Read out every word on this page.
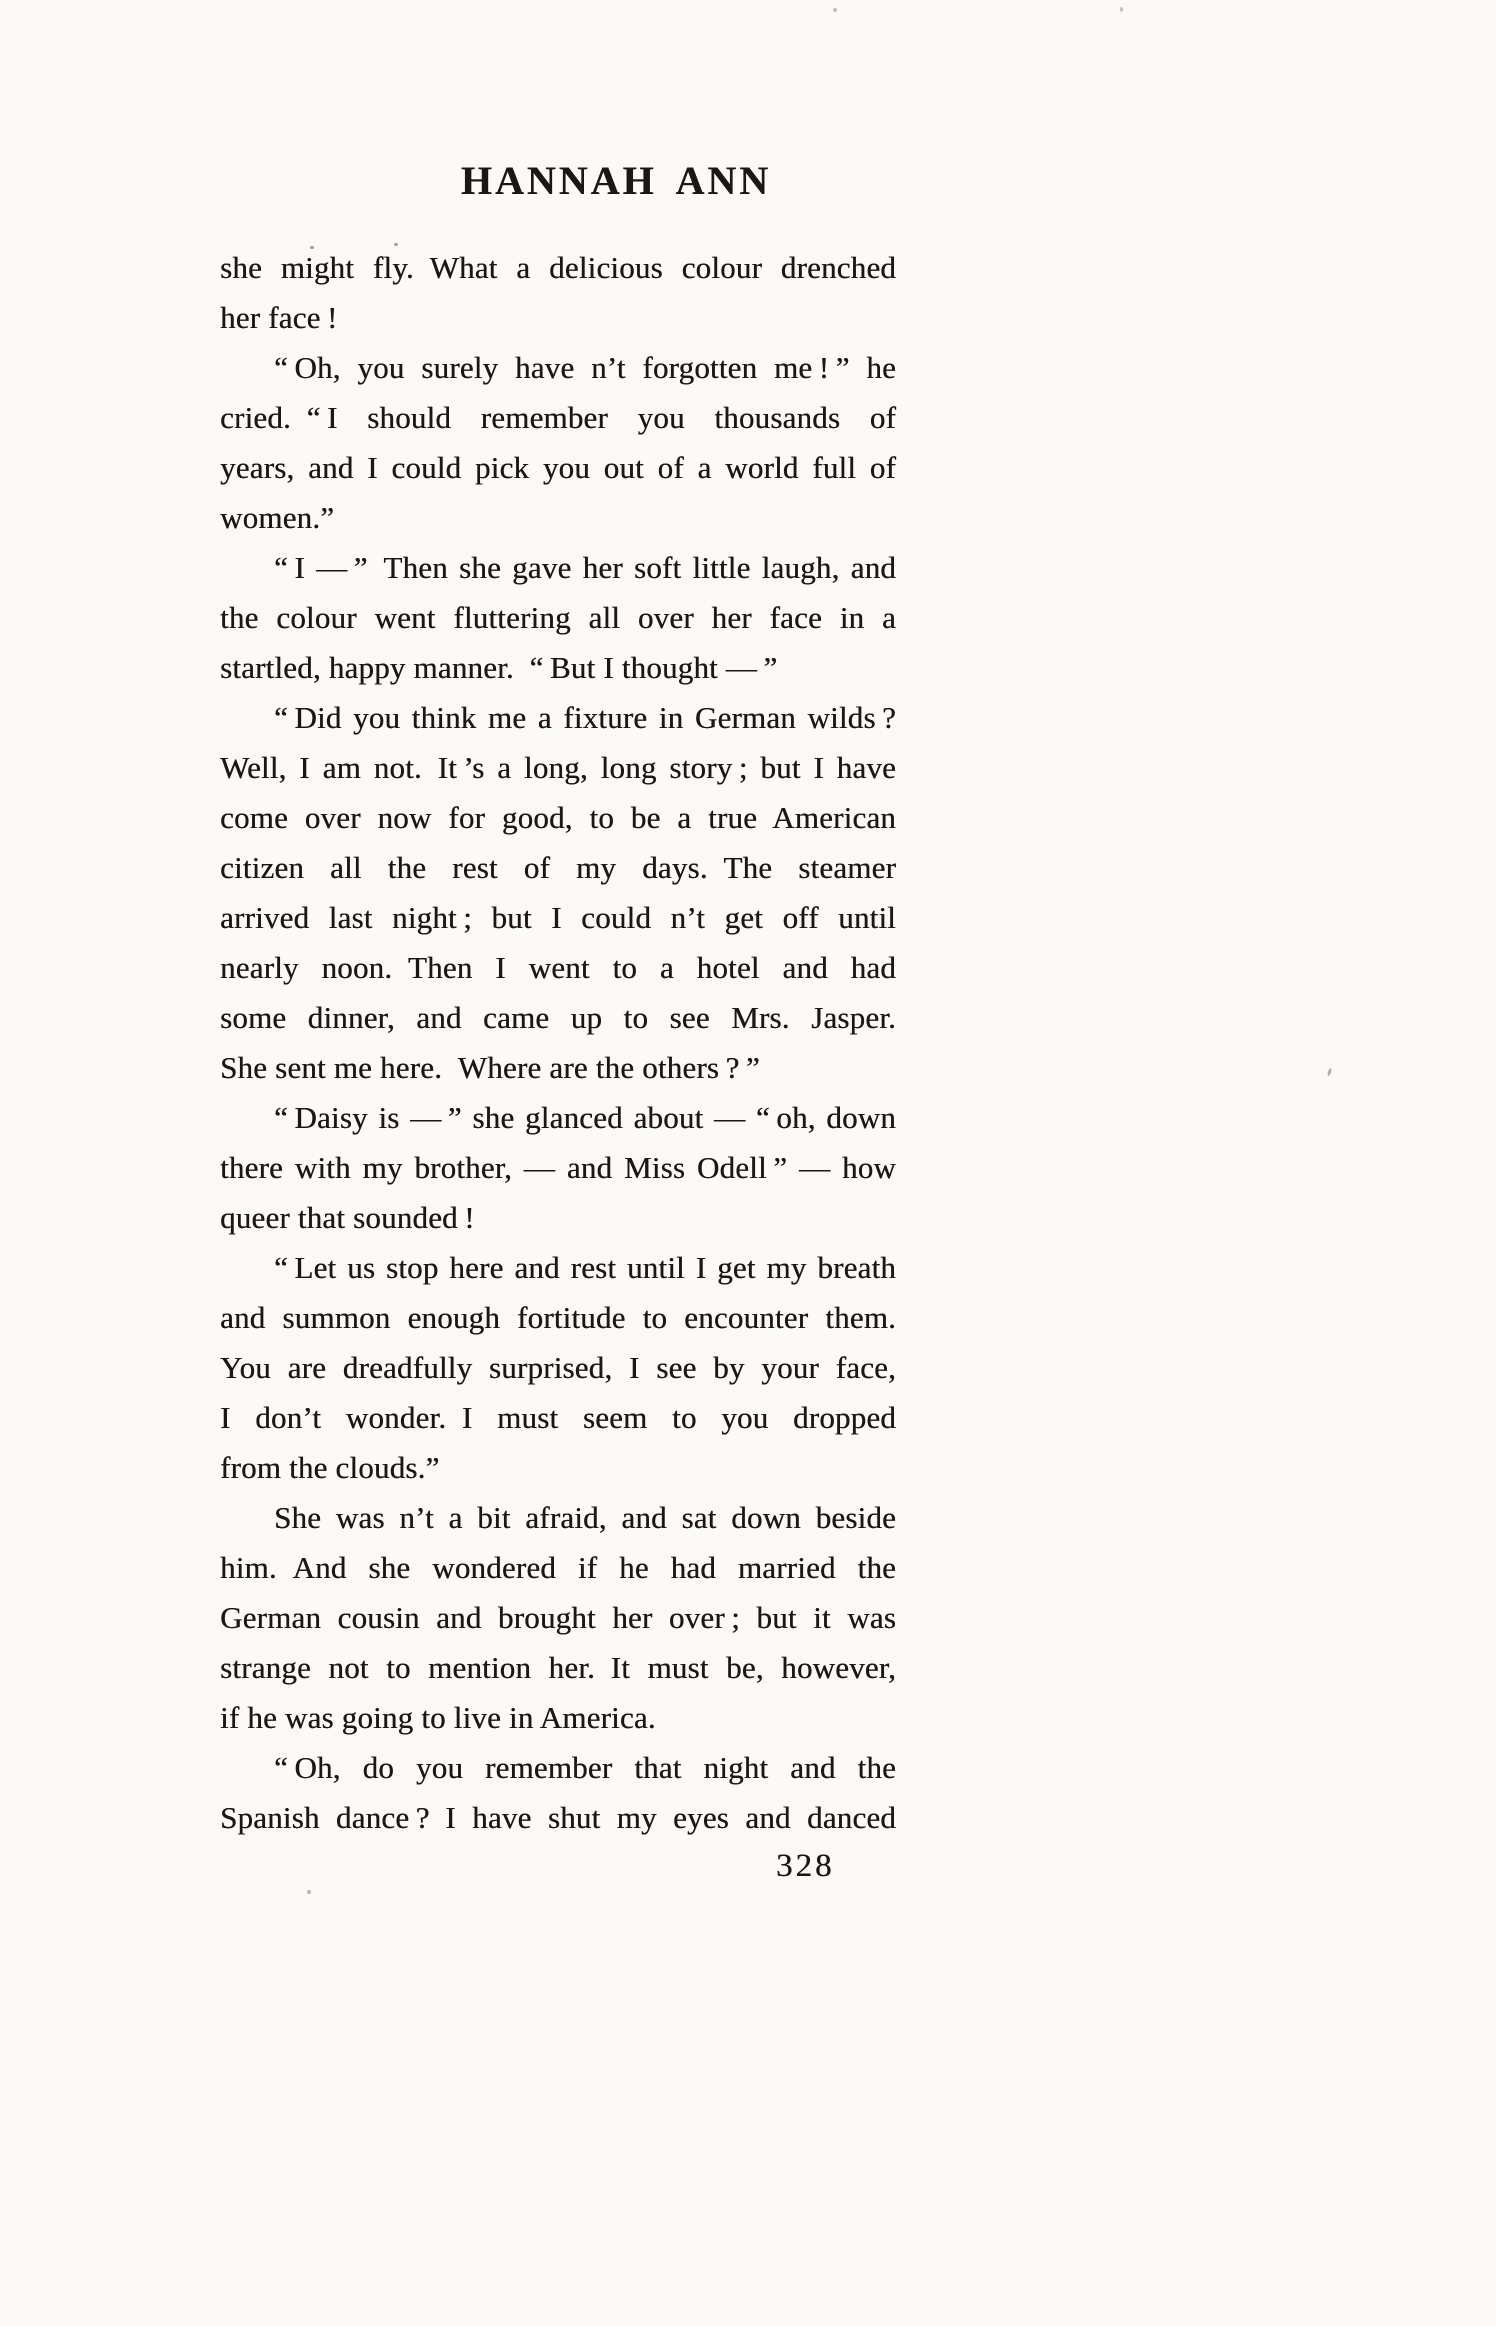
HANNAH ANN
she might fly. What a delicious colour drenched
her face !
“ Oh, you surely have n’t forgotten me ! ” he
cried. “ I should remember you thousands of
years, and I could pick you out of a world full of
women.”
“ I — ” Then she gave her soft little laugh, and
the colour went fluttering all over her face in a
startled, happy manner. “ But I thought — ”
“ Did you think me a fixture in German wilds ?
Well, I am not. It ’s a long, long story ; but I have
come over now for good, to be a true American
citizen all the rest of my days. The steamer
arrived last night ; but I could n’t get off until
nearly noon. Then I went to a hotel and had
some dinner, and came up to see Mrs. Jasper.
She sent me here. Where are the others ? ”
“ Daisy is — ” she glanced about — “ oh, down
there with my brother, — and Miss Odell ” — how
queer that sounded !
“ Let us stop here and rest until I get my breath
and summon enough fortitude to encounter them.
You are dreadfully surprised, I see by your face,
I don’t wonder. I must seem to you dropped
from the clouds.”
She was n’t a bit afraid, and sat down beside
him. And she wondered if he had married the
German cousin and brought her over ; but it was
strange not to mention her. It must be, however,
if he was going to live in America.
“ Oh, do you remember that night and the
Spanish dance ? I have shut my eyes and danced
328
